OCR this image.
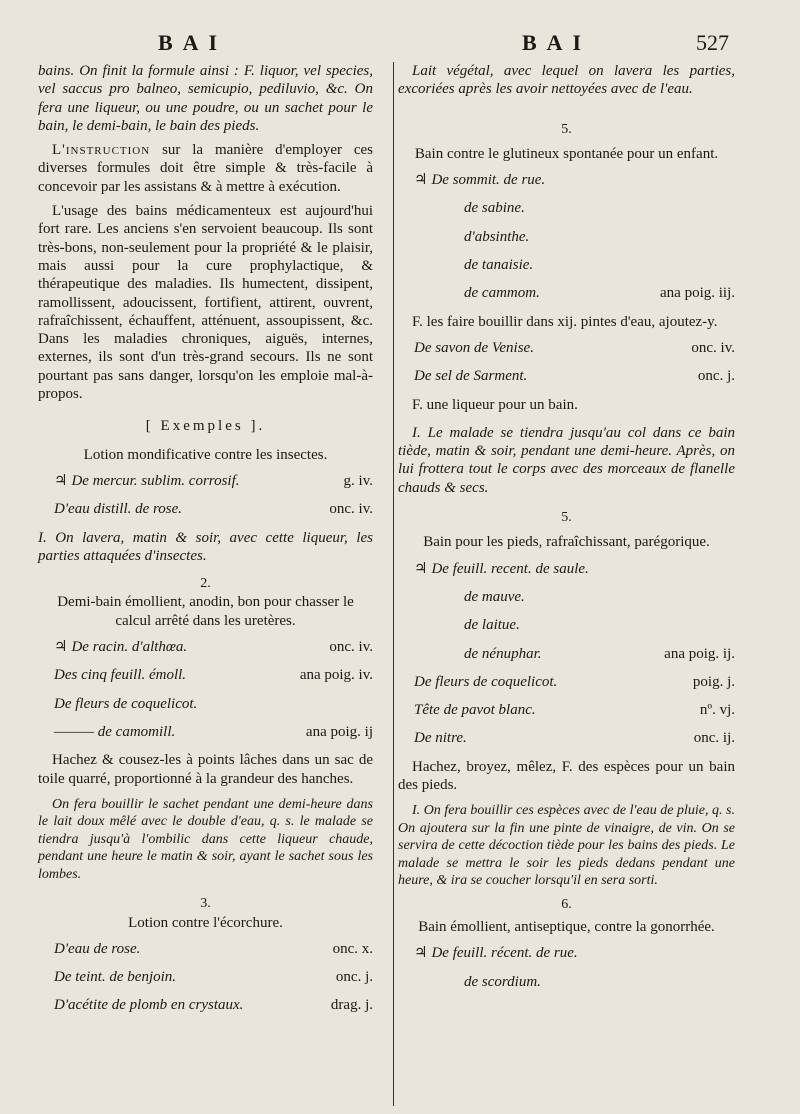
BAI	BAI	527

bains. On finit la formule ainsi : F. liquor, vel species, vel saccus pro balneo, semicupio, pediluvio, &c. On fera une liqueur, ou une poudre, ou un sachet pour le bain, le demi-bain, le bain des pieds.

L'instruction sur la manière d'employer ces diverses formules doit être simple & très-facile à concevoir par les assistans & à mettre à exécution.

L'usage des bains médicamenteux est aujourd'hui fort rare. Les anciens s'en servoient beaucoup. Ils sont très-bons, non-seulement pour la propriété & le plaisir, mais aussi pour la cure prophylactique, & thérapeutique des maladies. Ils humectent, dissipent, ramollissent, adoucissent, fortifient, attirent, ouvrent, rafraîchissent, échauffent, atténuent, assoupissent, &c. Dans les maladies chroniques, aiguës, internes, externes, ils sont d'un très-grand secours. Ils ne sont pourtant pas sans danger, lorsqu'on les emploie mal-à-propos.

[ Exemples ].

Lotion mondificative contre les insectes.

♃ De mercur. sublim. corrosif.	g. iv.
D'eau distill. de rose.	onc. iv.

I. On lavera, matin & soir, avec cette liqueur, les parties attaquées d'insectes.

2.

Demi-bain émollient, anodin, bon pour chasser le calcul arrêté dans les uretères.

♃ De racin. d'althœa.	onc. iv.
Des cinq feuill. émoll.	ana poig. iv.
De fleurs de coquelicot.
——— de camomill.	ana poig. ij

Hachez & cousez-les à points lâches dans un sac de toile quarré, proportionné à la grandeur des hanches.

On fera bouillir le sachet pendant une demi-heure dans le lait doux mêlé avec le double d'eau, q. s. le malade se tiendra jusqu'à l'ombilic dans cette liqueur chaude, pendant une heure le matin & soir, ayant le sachet sous les lombes.

3.

Lotion contre l'écorchure.

D'eau de rose.	onc. x.
De teint. de benjoin.	onc. j.
D'acétite de plomb en crystaux.	drag. j.

Lait végétal, avec lequel on lavera les parties, excoriées après les avoir nettoyées avec de l'eau.

5.

Bain contre le glutineux spontanée pour un enfant.

♃ De sommit. de rue.
de sabine.
d'absinthe.
de tanaisie.
de cammom.	ana poig. iij.

F. les faire bouillir dans xij. pintes d'eau, ajoutez-y.

De savon de Venise.	onc. iv.
De sel de Sarment.	onc. j.

F. une liqueur pour un bain.

I. Le malade se tiendra jusqu'au col dans ce bain tiède, matin & soir, pendant une demi-heure. Après, on lui frottera tout le corps avec des morceaux de flanelle chauds & secs.

5.

Bain pour les pieds, rafraîchissant, parégorique.

♃ De feuill. recent. de saule.
de mauve.
de laitue.
de nénuphar.	ana poig. ij.
De fleurs de coquelicot.	poig. j.
Tête de pavot blanc.	nº. vj.
De nitre.	onc. ij.

Hachez, broyez, mêlez, F. des espèces pour un bain des pieds.

I. On fera bouillir ces espèces avec de l'eau de pluie, q. s. On ajoutera sur la fin une pinte de vinaigre, de vin. On se servira de cette décoction tiède pour les bains des pieds. Le malade se mettra le soir les pieds dedans pendant une heure, & ira se coucher lorsqu'il en sera sorti.

6.

Bain émollient, antiseptique, contre la gonorrhée.

♃ De feuill. récent. de rue.
de scordium.
